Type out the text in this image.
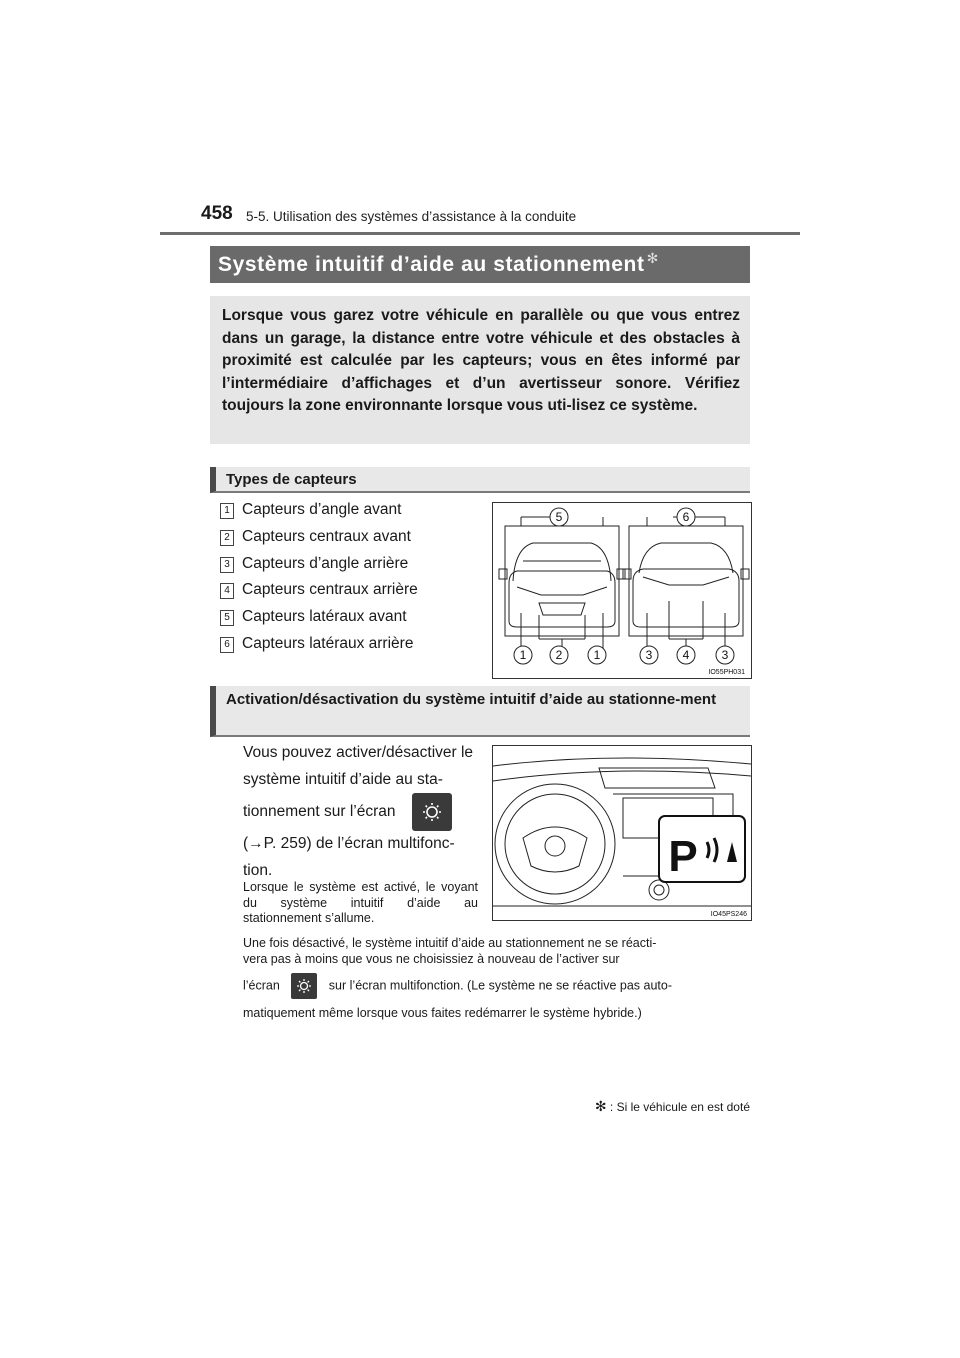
458 5-5. Utilisation des systèmes d’assistance à la conduite
Système intuitif d’aide au stationnement ✻
Lorsque vous garez votre véhicule en parallèle ou que vous entrez dans un garage, la distance entre votre véhicule et des obstacles à proximité est calculée par les capteurs; vous en êtes informé par l’intermédiaire d’affichages et d’un avertisseur sonore. Vérifiez toujours la zone environnante lorsque vous uti-lisez ce système.
Types de capteurs
1 Capteurs d’angle avant
2 Capteurs centraux avant
3 Capteurs d’angle arrière
4 Capteurs centraux arrière
5 Capteurs latéraux avant
6 Capteurs latéraux arrière
5	6
1 2	1	3	4	3
IO55PH031
Activation/désactivation du système intuitif d’aide au stationne-ment
Vous pouvez activer/désactiver le système intuitif d’aide au sta-tionnement sur l’écran
(→P. 259) de l’écran multifonc-tion.	P
IO45PS246
Lorsque le système est activé, le voyant du système intuitif d’aide au stationnement s’allume.
Une fois désactivé, le système intuitif d’aide au stationnement ne se réacti-
vera pas à moins que vous ne choisissiez à nouveau de l’activer sur
l’écran	sur l’écran multifonction. (Le système ne se réactive pas auto-
matiquement même lorsque vous faites redémarrer le système hybride.)
✻ : Si le véhicule en est doté
